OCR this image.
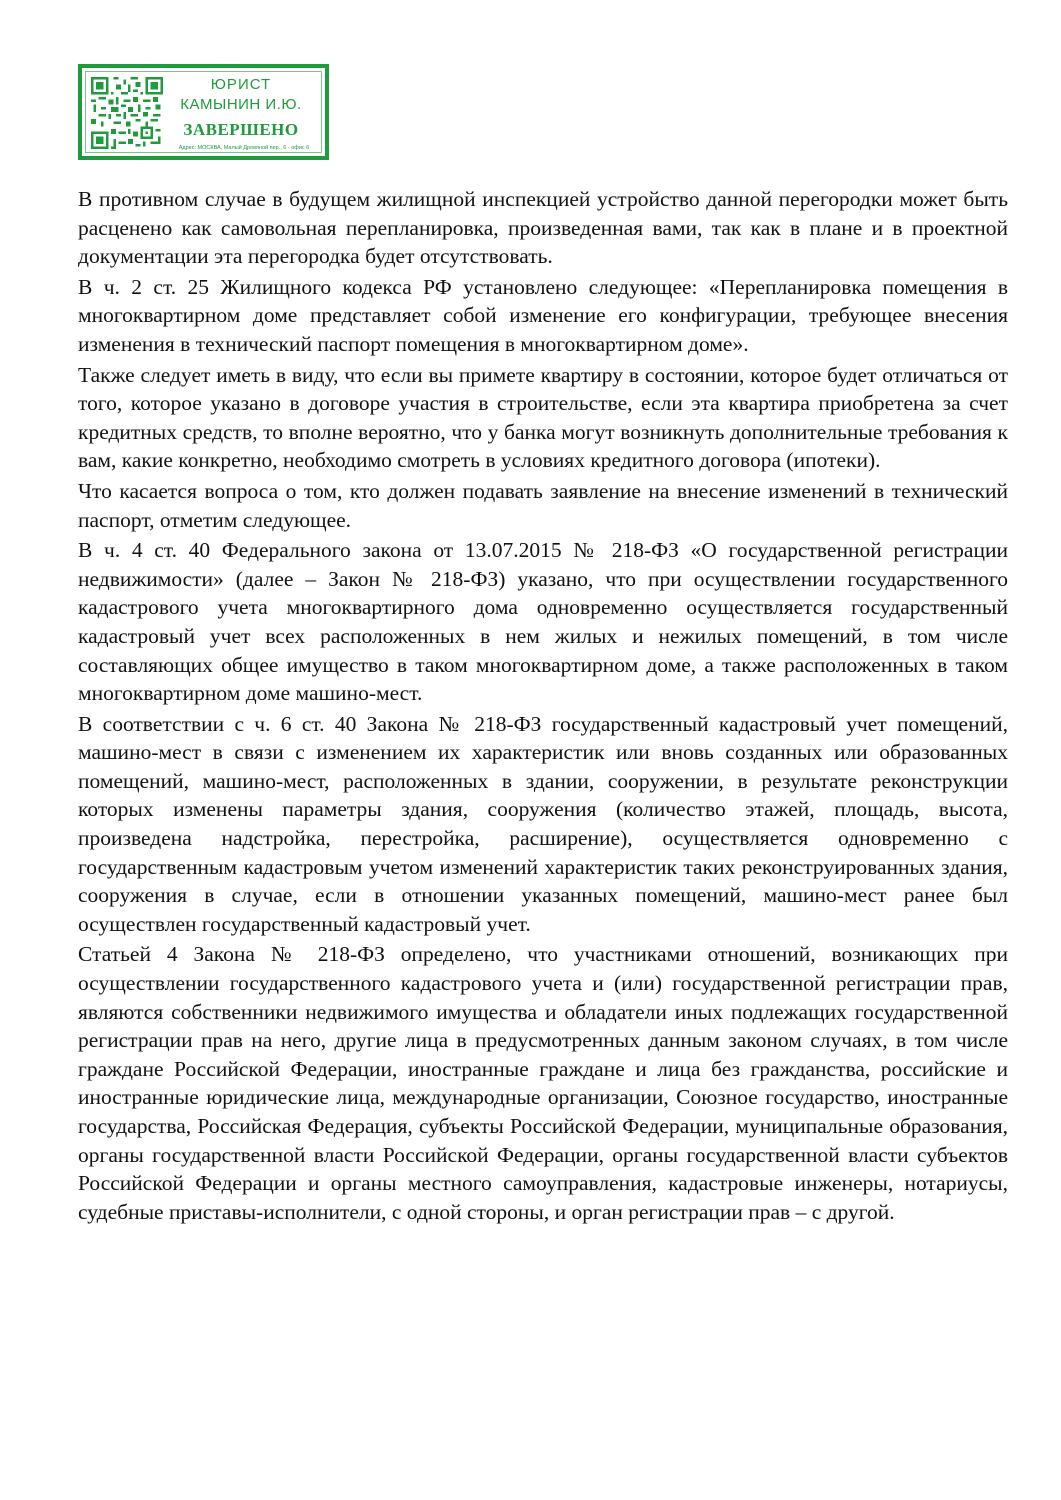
ЮРИСТ
КАМЫНИН И.Ю.
ЗАВЕРШЕНО
Адрес: МОСКВА, Малый Дровяной пер., 6 - офис 6

В противном случае в будущем жилищной инспекцией устройство данной перегородки может быть расценено как самовольная перепланировка, произведенная вами, так как в плане и в проектной документации эта перегородка будет отсутствовать.

В ч. 2 ст. 25 Жилищного кодекса РФ установлено следующее: «Перепланировка помещения в многоквартирном доме представляет собой изменение его конфигурации, требующее внесения изменения в технический паспорт помещения в многоквартирном доме».

Также следует иметь в виду, что если вы примете квартиру в состоянии, которое будет отличаться от того, которое указано в договоре участия в строительстве, если эта квартира приобретена за счет кредитных средств, то вполне вероятно, что у банка могут возникнуть дополнительные требования к вам, какие конкретно, необходимо смотреть в условиях кредитного договора (ипотеки).

Что касается вопроса о том, кто должен подавать заявление на внесение изменений в технический паспорт, отметим следующее.

В ч. 4 ст. 40 Федерального закона от 13.07.2015 № 218-ФЗ «О государственной регистрации недвижимости» (далее – Закон № 218-ФЗ) указано, что при осуществлении государственного кадастрового учета многоквартирного дома одновременно осуществляется государственный кадастровый учет всех расположенных в нем жилых и нежилых помещений, в том числе составляющих общее имущество в таком многоквартирном доме, а также расположенных в таком многоквартирном доме машино-мест.

В соответствии с ч. 6 ст. 40 Закона № 218-ФЗ государственный кадастровый учет помещений, машино-мест в связи с изменением их характеристик или вновь созданных или образованных помещений, машино-мест, расположенных в здании, сооружении, в результате реконструкции которых изменены параметры здания, сооружения (количество этажей, площадь, высота, произведена надстройка, перестройка, расширение), осуществляется одновременно с государственным кадастровым учетом изменений характеристик таких реконструированных здания, сооружения в случае, если в отношении указанных помещений, машино-мест ранее был осуществлен государственный кадастровый учет.

Статьей 4 Закона № 218-ФЗ определено, что участниками отношений, возникающих при осуществлении государственного кадастрового учета и (или) государственной регистрации прав, являются собственники недвижимого имущества и обладатели иных подлежащих государственной регистрации прав на него, другие лица в предусмотренных данным законом случаях, в том числе граждане Российской Федерации, иностранные граждане и лица без гражданства, российские и иностранные юридические лица, международные организации, Союзное государство, иностранные государства, Российская Федерация, субъекты Российской Федерации, муниципальные образования, органы государственной власти Российской Федерации, органы государственной власти субъектов Российской Федерации и органы местного самоуправления, кадастровые инженеры, нотариусы, судебные приставы-исполнители, с одной стороны, и орган регистрации прав – с другой.
